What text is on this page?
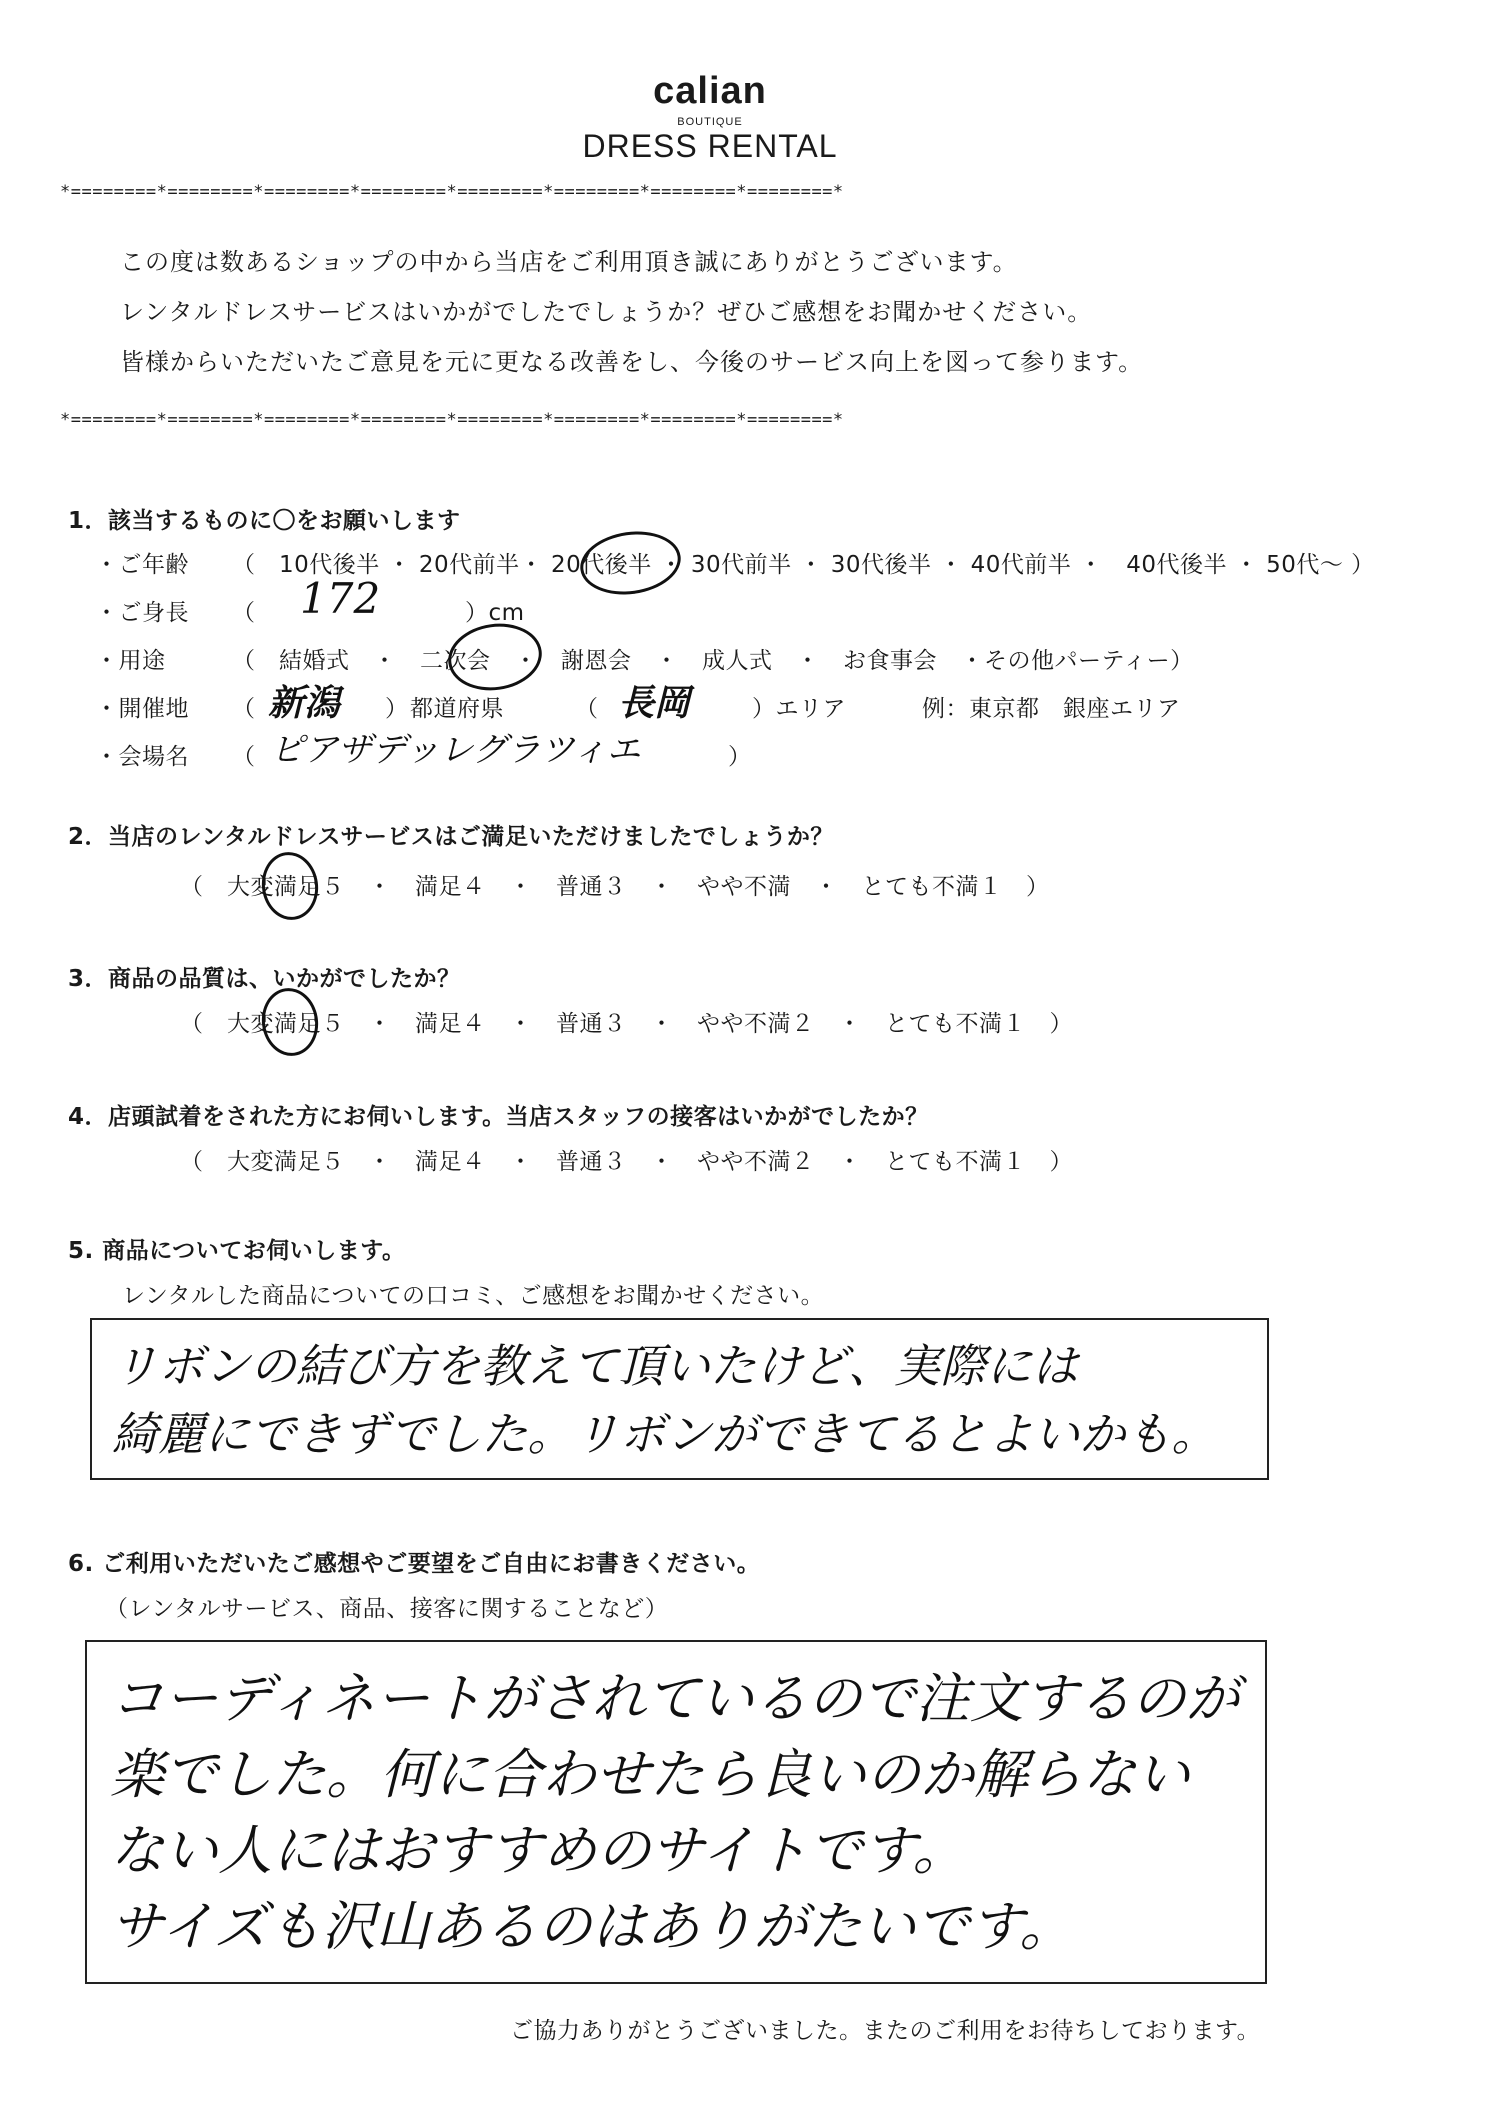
calian
BOUTIQUE
DRESS RENTAL
*========*========*========*========*========*========*========*========*
この度は数あるショップの中から当店をご利用頂き誠にありがとうございます。
レンタルドレスサービスはいかがでしたでしょうか？ぜひご感想をお聞かせください。
皆様からいただいたご意見を元に更なる改善をし、今後のサービス向上を図って参ります。
*========*========*========*========*========*========*========*========*
1．該当するものに〇をお願いします
・ご年齢 （　10代後半 ・ 20代前半・ 20代後半 ・ 30代前半 ・ 30代後半 ・ 40代前半 ・　40代後半 ・ 50代～ ）
・ご身長 （ 172	）cm
・用途	（　結婚式　・　二次会　・　謝恩会　・　成人式　・　お食事会　・その他パーティー）
・開催地 （ 新潟 ） 都道府県	（ 長岡	）エリア	例：東京都　銀座エリア
・会場名 （ ピアザデッレグラツィエ	）
2．当店のレンタルドレスサービスはご満足いただけましたでしょうか？
（　大変満足５　・　満足４　・　普通３　・　やや不満　・　とても不満１　）
3．商品の品質は、いかがでしたか？
（　大変満足５　・　満足４　・　普通３　・　やや不満２　・　とても不満１　）
4．店頭試着をされた方にお伺いします。当店スタッフの接客はいかがでしたか？
（　大変満足５　・　満足４　・　普通３　・　やや不満２　・　とても不満１　）
5. 商品についてお伺いします。
レンタルした商品についての口コミ、ご感想をお聞かせください。
リボンの結び方を教えて頂いたけど、実際には
綺麗にできずでした。リボンができてるとよいかも。
6. ご利用いただいたご感想やご要望をご自由にお書きください。
（レンタルサービス、商品、接客に関することなど）
コーディネートがされているので注文するのが
楽でした。何に合わせたら良いのか解らない
ない人にはおすすめのサイトです。
サイズも沢山あるのはありがたいです。
ご協力ありがとうございました。またのご利用をお待ちしております。
